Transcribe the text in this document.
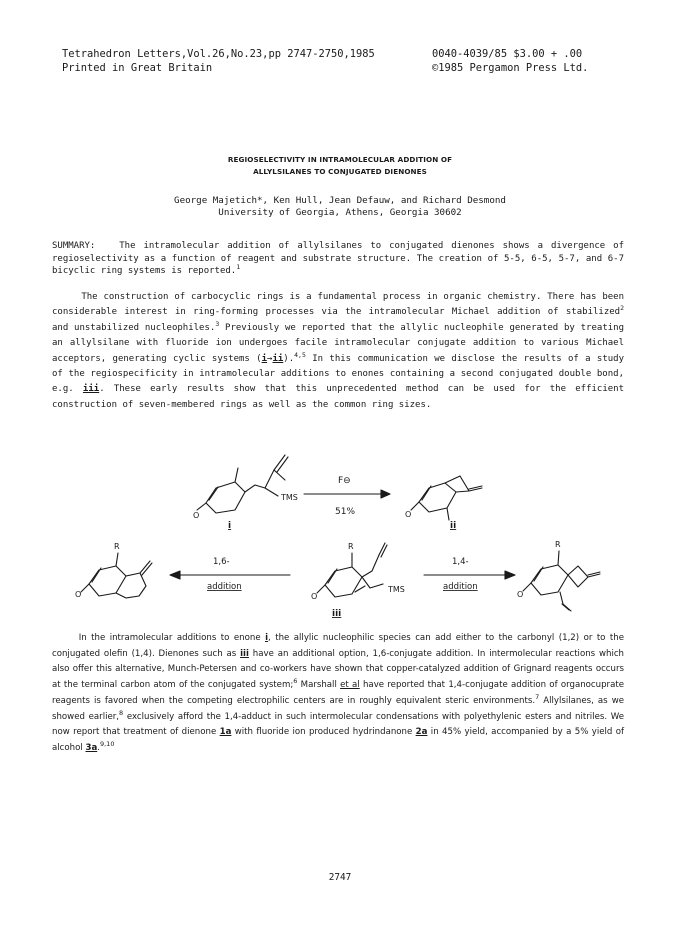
Tetrahedron Letters,Vol.26,No.23,pp 2747-2750,1985
Printed in Great Britain
0040-4039/85 $3.00 + .00
©1985 Pergamon Press Ltd.
REGIOSELECTIVITY IN INTRAMOLECULAR ADDITION OF
ALLYLSILANES TO CONJUGATED DIENONES
George Majetich*, Ken Hull, Jean Defauw, and Richard Desmond
University of Georgia, Athens, Georgia 30602

SUMMARY:	The intramolecular addition of allylsilanes to conjugated dienones shows a divergence of regioselectivity as a function of reagent and substrate structure. The creation of 5-5, 6-5, 5-7, and 6-7 bicyclic ring systems is reported.$^1$

The construction of carbocyclic rings is a fundamental process in organic chemistry. There has been considerable interest in ring-forming processes via the intramolecular Michael addition of stabilized$^2$ and unstabilized nucleophiles.$^3$ Previously we reported that the allylic nucleophile generated by treating an allylsilane with fluoride ion undergoes facile intramolecular conjugate addition to various Michael acceptors, generating cyclic systems (i→ii).$^{4,5}$ In this communication we disclose the results of a study of the regiospecificity in intramolecular additions to enones containing a second conjugated double bond, e.g. iii. These early results show that this unprecedented method can be used for the efficient construction of seven-membered rings as well as the common ring sizes.

O
TMS
i
F⊖
51%	O
ii
R
O
1,6-
addition
R
O
TMS
iii
1,4-
addition
R
O

In the intramolecular additions to enone i, the allylic nucleophilic species can add either to the carbonyl (1,2) or to the conjugated olefin (1,4). Dienones such as iii have an additional option, 1,6-conjugate addition. In intermolecular reactions which also offer this alternative, Munch-Petersen and co-workers have shown that copper-catalyzed addition of Grignard reagents occurs at the terminal carbon atom of the conjugated system;$^6$ Marshall et al have reported that 1,4-conjugate addition of organocuprate reagents is favored when the competing electrophilic centers are in roughly equivalent steric environments.$^7$ Allylsilanes, as we showed earlier,$^8$ exclusively afford the 1,4-adduct in such intermolecular condensations with polyethylenic esters and nitriles. We now report that treatment of dienone 1a with fluoride ion produced hydrindanone 2a in 45% yield, accompanied by a 5% yield of alcohol 3a.$^{9,10}$

2747
